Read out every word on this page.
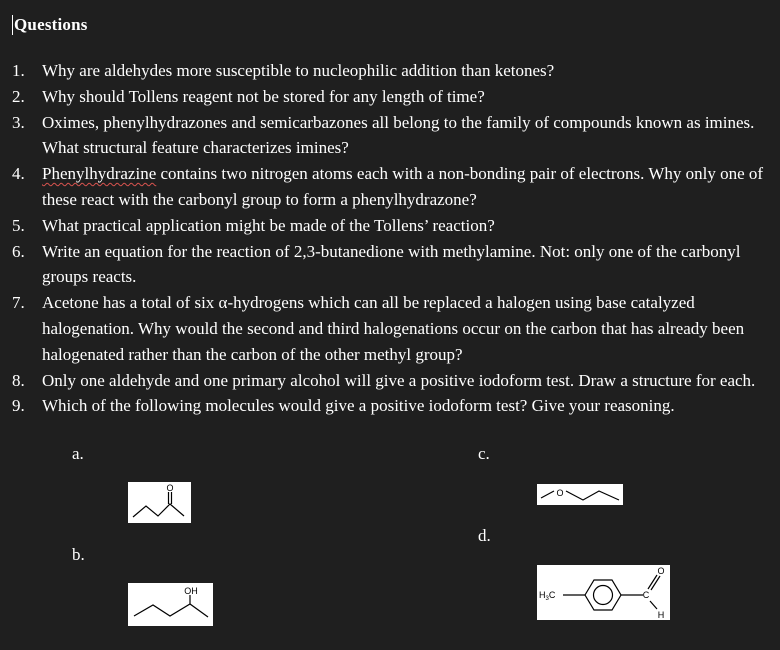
Questions
1.	Why are aldehydes more susceptible to nucleophilic addition than ketones?
2.	Why should Tollens reagent not be stored for any length of time?
3.	Oximes, phenylhydrazones and semicarbazones all belong to the family of compounds known as imines. What structural feature characterizes imines?
4.	Phenylhydrazine contains two nitrogen atoms each with a non-bonding pair of electrons. Why only one of these react with the carbonyl group to form a phenylhydrazone?
5.	What practical application might be made of the Tollens’ reaction?
6.	Write an equation for the reaction of 2,3-butanedione with methylamine. Not: only one of the carbonyl groups reacts.
7.	Acetone has a total of six α-hydrogens which can all be replaced a halogen using base catalyzed halogenation. Why would the second and third halogenations occur on the carbon that has already been halogenated rather than the carbon of the other methyl group?
8.	Only one aldehyde and one primary alcohol will give a positive iodoform test. Draw a structure for each.
9.	Which of the following molecules would give a positive iodoform test? Give your reasoning.
a.	c.
d.
b.
O
OH
O
$H_3C$	C
O
H
